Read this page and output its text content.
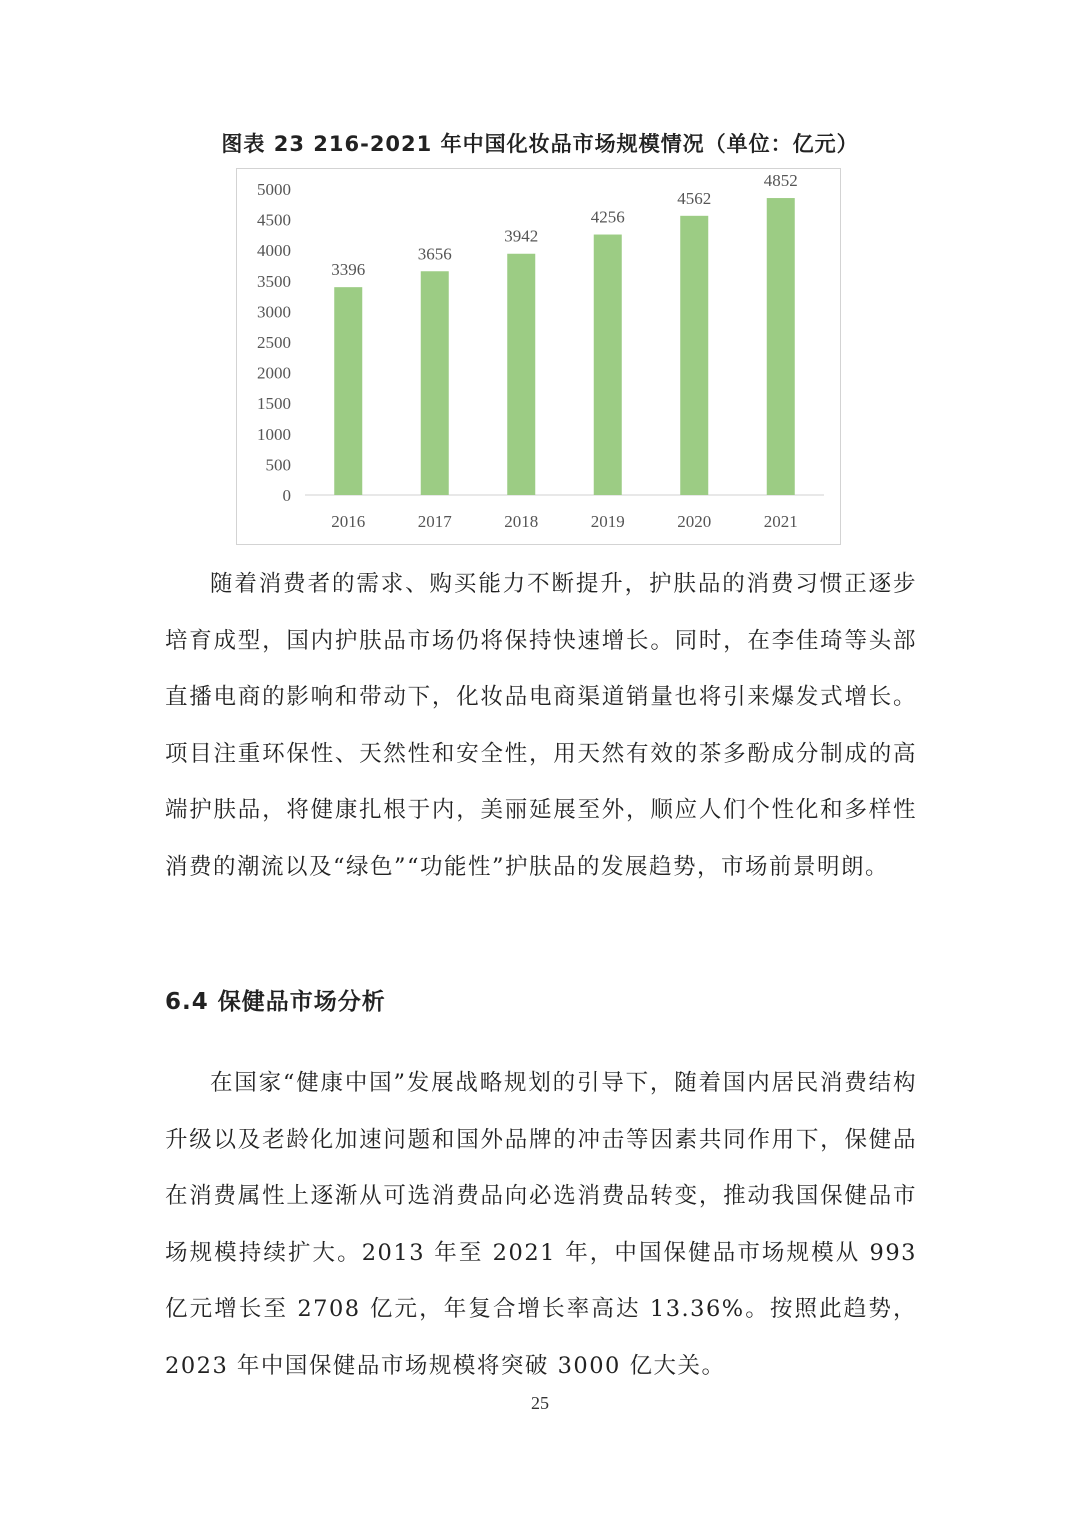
图表 23 216-2021 年中国化妆品市场规模情况（单位：亿元）
0
500
1000
1500
2000
2500
3000
3500
4000
4500
5000
3396
2016
3656
2017
3942
2018
4256
2019
4562
2020
4852
2021

随着消费者的需求、购买能力不断提升，护肤品的消费习惯正逐步培育成型，国内护肤品市场仍将保持快速增长。同时，在李佳琦等头部直播电商的影响和带动下，化妆品电商渠道销量也将引来爆发式增长。项目注重环保性、天然性和安全性，用天然有效的茶多酚成分制成的高端护肤品，将健康扎根于内，美丽延展至外，顺应人们个性化和多样性消费的潮流以及“绿色”“功能性”护肤品的发展趋势，市场前景明朗。

6.4 保健品市场分析

在国家“健康中国”发展战略规划的引导下，随着国内居民消费结构升级以及老龄化加速问题和国外品牌的冲击等因素共同作用下，保健品在消费属性上逐渐从可选消费品向必选消费品转变，推动我国保健品市场规模持续扩大。2013 年至 2021 年，中国保健品市场规模从 993 亿元增长至 2708 亿元，年复合增长率高达 13.36%。按照此趋势，2023 年中国保健品市场规模将突破 3000 亿大关。

25
